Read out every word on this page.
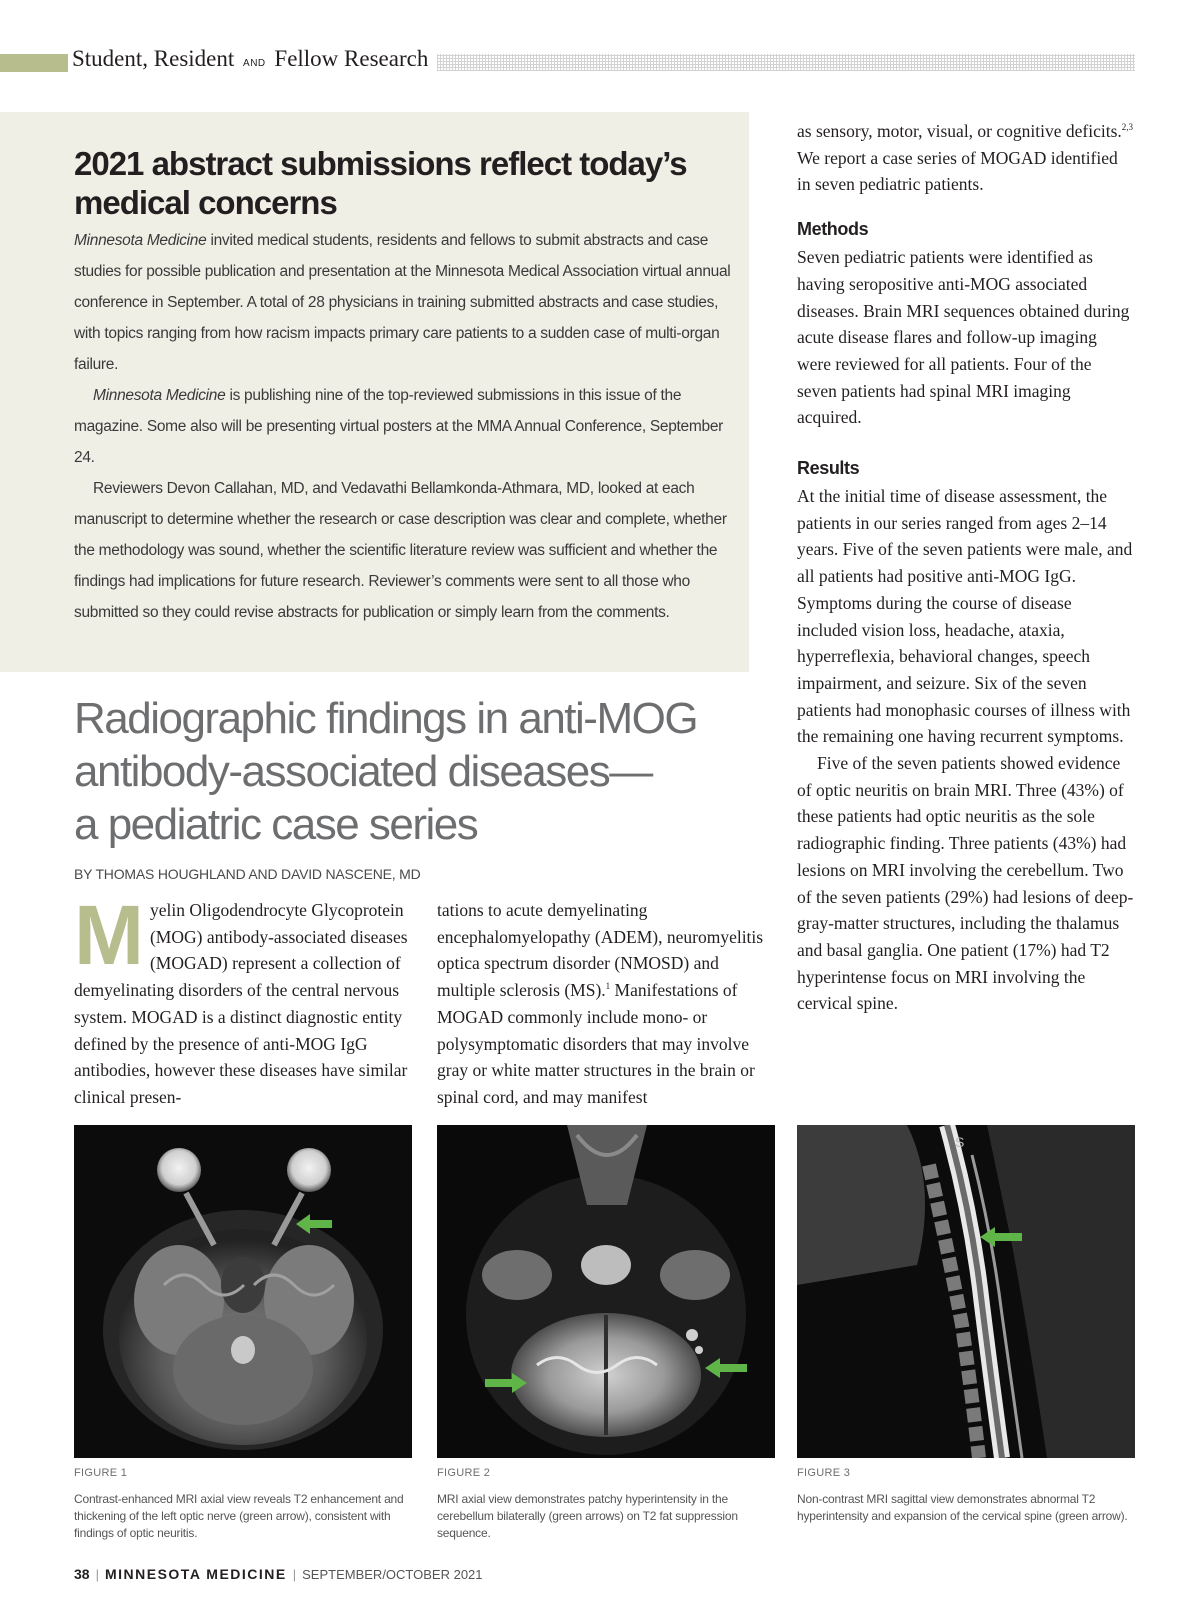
Student, Resident AND Fellow Research
2021 abstract submissions reflect today’s medical concerns

Minnesota Medicine invited medical students, residents and fellows to submit abstracts and case studies for possible publication and presentation at the Minnesota Medical Association virtual annual conference in September. A total of 28 physicians in training submitted abstracts and case studies, with topics ranging from how racism impacts primary care patients to a sudden case of multi-organ failure.

Minnesota Medicine is publishing nine of the top-reviewed submissions in this issue of the magazine. Some also will be presenting virtual posters at the MMA Annual Conference, September 24.

Reviewers Devon Callahan, MD, and Vedavathi Bellamkonda-Athmara, MD, looked at each manuscript to determine whether the research or case description was clear and complete, whether the methodology was sound, whether the scientific literature review was sufficient and whether the findings had implications for future research. Reviewer’s comments were sent to all those who submitted so they could revise abstracts for publication or simply learn from the comments.

Radiographic findings in anti-MOG
antibody-associated diseases—
a pediatric case series
BY THOMAS HOUGHLAND AND DAVID NASCENE, MD

Myelin Oligodendrocyte Glycoprotein (MOG) antibody-associated diseases (MOGAD) represent a collection of demyelinating disorders of the central nervous system. MOGAD is a distinct diagnostic entity defined by the presence of anti-MOG IgG antibodies, however these diseases have similar clinical presen-

tations to acute demyelinating encephalomyelopathy (ADEM), neuromyelitis optica spectrum disorder (NMOSD) and multiple sclerosis (MS).$^1$ Manifestations of MOGAD commonly include mono- or polysymptomatic disorders that may involve gray or white matter structures in the brain or spinal cord, and may manifest

as sensory, motor, visual, or cognitive deficits.$^{2,3}$ We report a case series of MOGAD identified in seven pediatric patients.

Methods

Seven pediatric patients were identified as having seropositive anti-MOG associated diseases. Brain MRI sequences obtained during acute disease flares and follow-up imaging were reviewed for all patients. Four of the seven patients had spinal MRI imaging acquired.

Results

At the initial time of disease assessment, the patients in our series ranged from ages 2–14 years. Five of the seven patients were male, and all patients had positive anti-MOG IgG. Symptoms during the course of disease included vision loss, headache, ataxia, hyperreflexia, behavioral changes, speech impairment, and seizure. Six of the seven patients had monophasic courses of illness with the remaining one having recurrent symptoms.

Five of the seven patients showed evidence of optic neuritis on brain MRI. Three (43%) of these patients had optic neuritis as the sole radiographic finding. Three patients (43%) had lesions on MRI involving the cerebellum. Two of the seven patients (29%) had lesions of deep-gray-matter structures, including the thalamus and basal ganglia. One patient (17%) had T2 hyperintense focus on MRI involving the cervical spine.

S
FIGURE 1	FIGURE 2	FIGURE 3
Contrast-enhanced MRI axial view reveals T2 enhancement and thickening of the left optic nerve (green arrow), consistent with findings of optic neuritis.
MRI axial view demonstrates patchy hyperintensity in the cerebellum bilaterally (green arrows) on T2 fat suppression sequence.
Non-contrast MRI sagittal view demonstrates abnormal T2 hyperintensity and expansion of the cervical spine (green arrow).
38 | MINNESOTA MEDICINE | SEPTEMBER/OCTOBER 2021
